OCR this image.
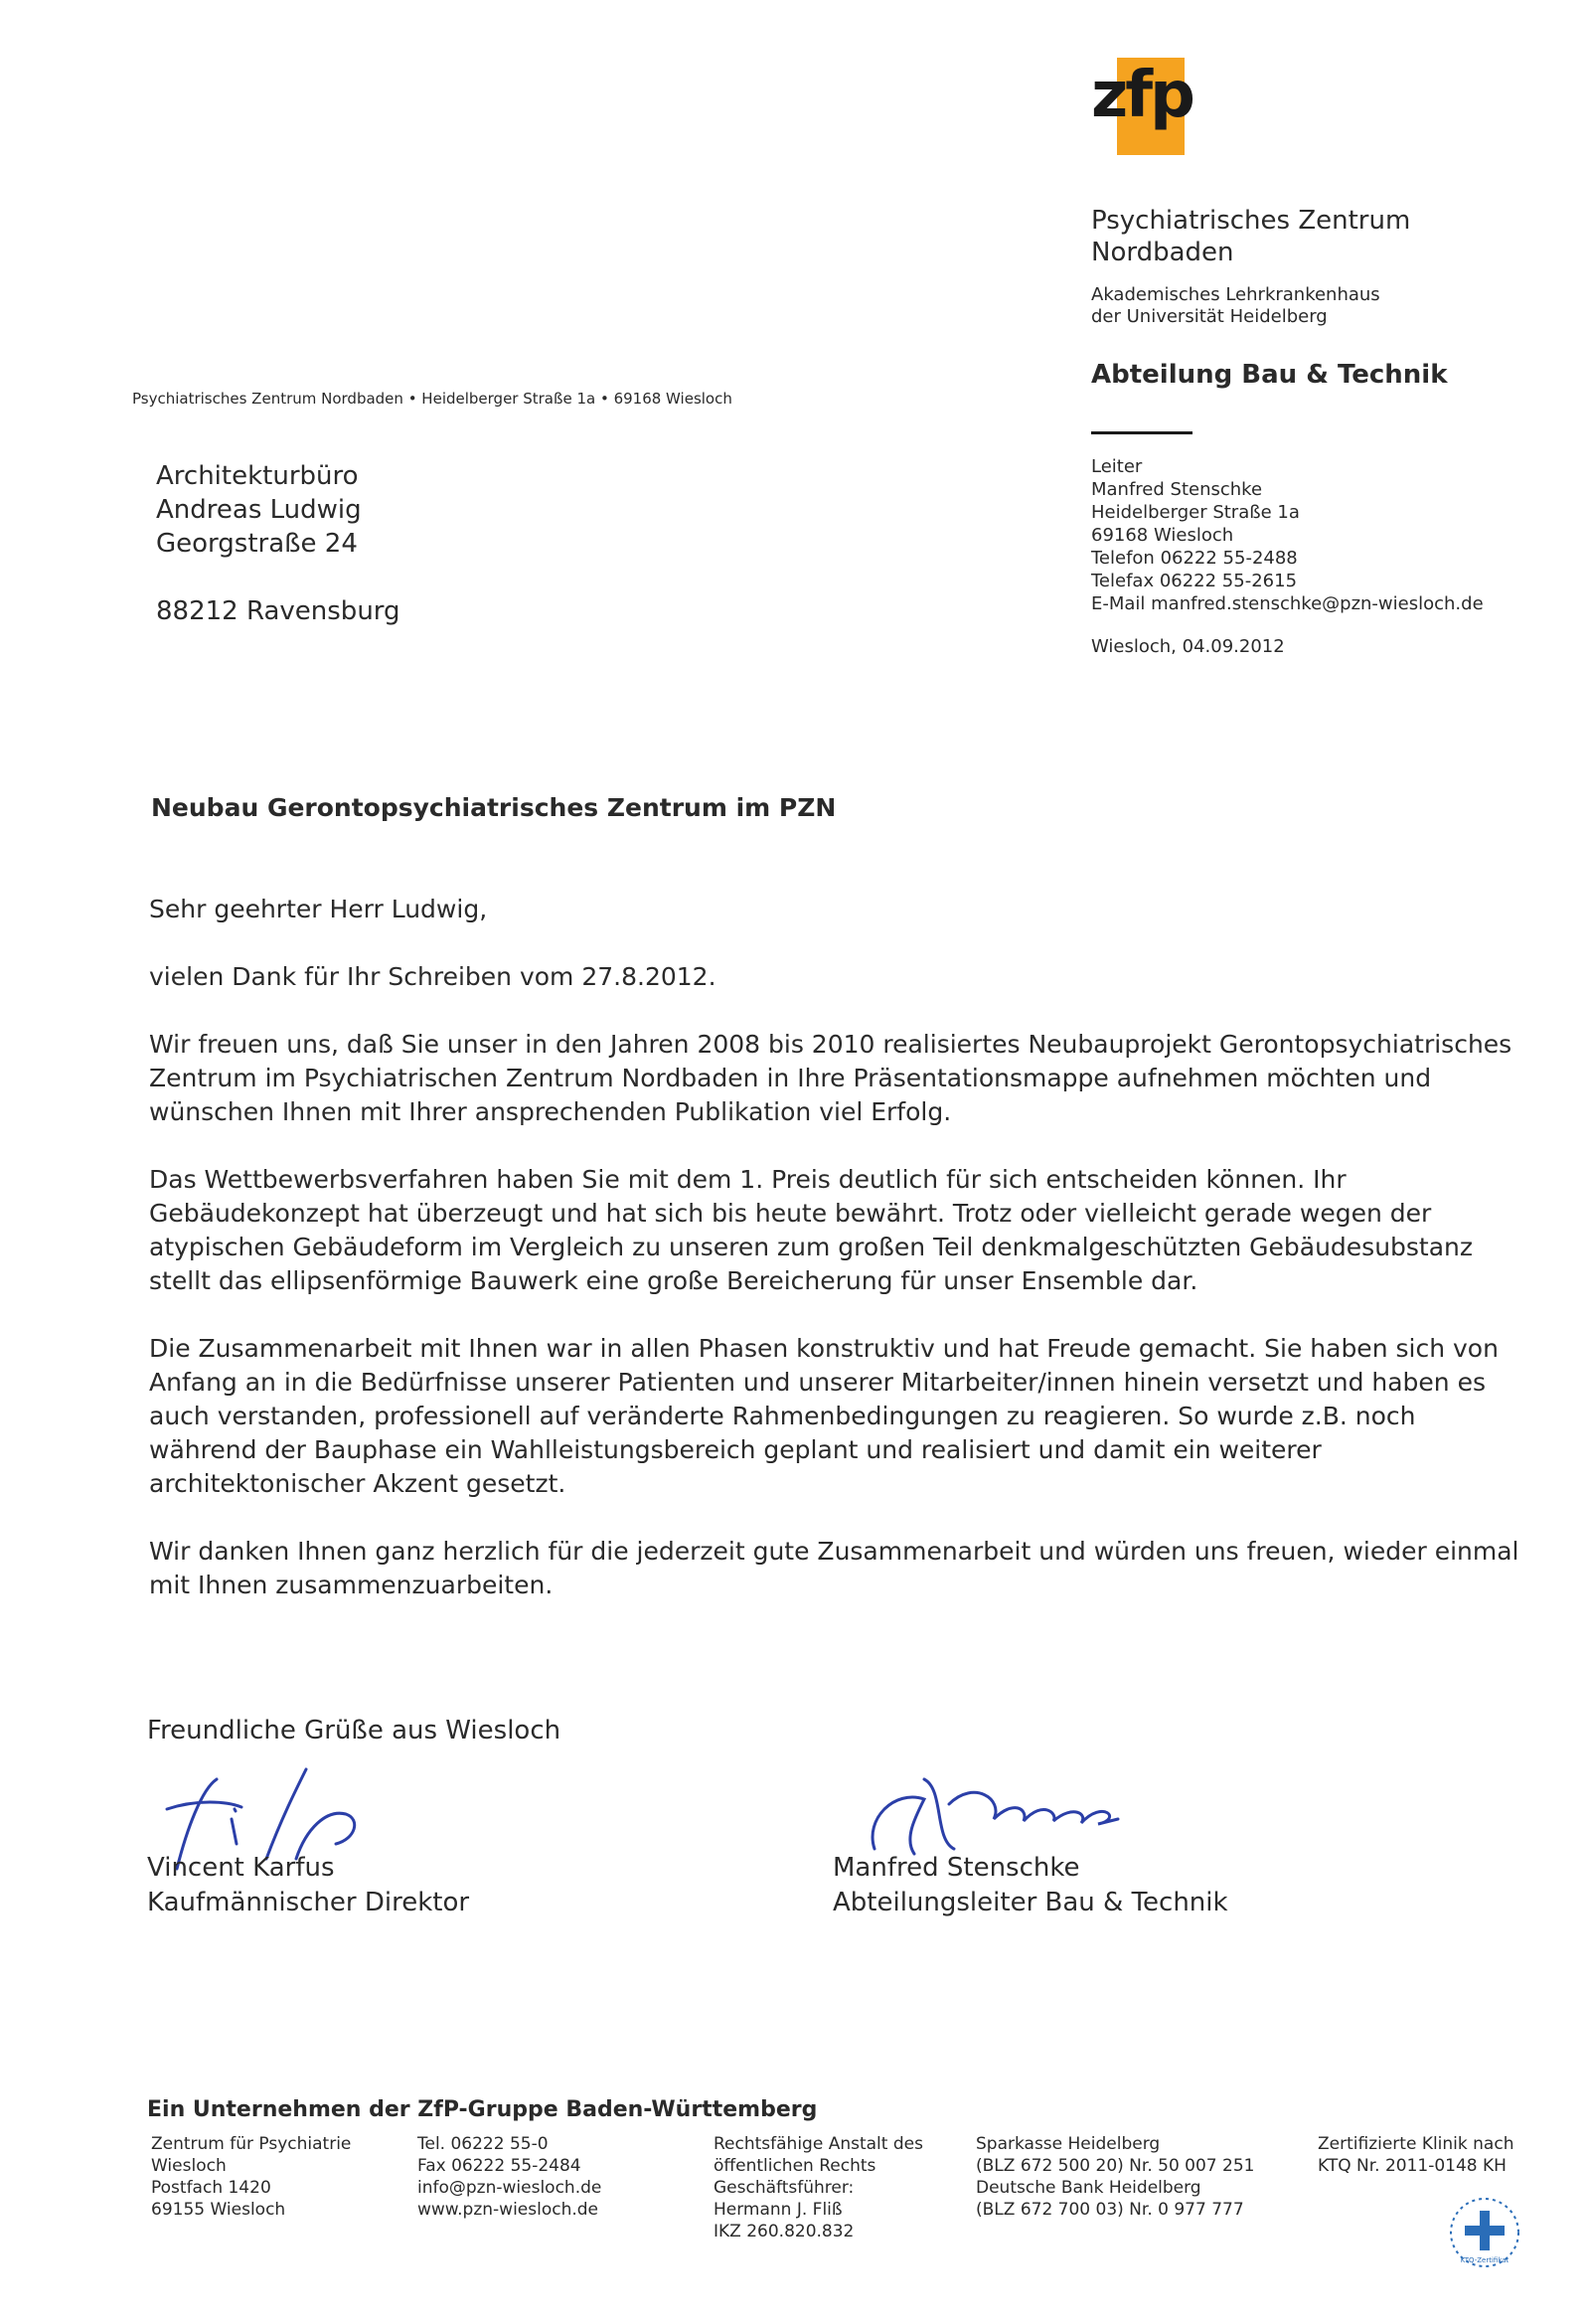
zfp
Psychiatrisches Zentrum
Nordbaden
Akademisches Lehrkrankenhaus
der Universität Heidelberg
Abteilung Bau & Technik
Leiter
Manfred Stenschke
Heidelberger Straße 1a
69168 Wiesloch
Telefon 06222 55-2488
Telefax 06222 55-2615
E-Mail manfred.stenschke@pzn-wiesloch.de
Wiesloch, 04.09.2012
Psychiatrisches Zentrum Nordbaden • Heidelberger Straße 1a • 69168 Wiesloch
Architekturbüro
Andreas Ludwig
Georgstraße 24
88212 Ravensburg
Neubau Gerontopsychiatrisches Zentrum im PZN

Sehr geehrter Herr Ludwig,

vielen Dank für Ihr Schreiben vom 27.8.2012.

Wir freuen uns, daß Sie unser in den Jahren 2008 bis 2010 realisiertes Neubauprojekt Gerontopsychiatrisches Zentrum im Psychiatrischen Zentrum Nordbaden in Ihre Präsentationsmappe aufnehmen möchten und wünschen Ihnen mit Ihrer ansprechenden Publikation viel Erfolg.

Das Wettbewerbsverfahren haben Sie mit dem 1. Preis deutlich für sich entscheiden können. Ihr Gebäudekonzept hat überzeugt und hat sich bis heute bewährt. Trotz oder vielleicht gerade wegen der atypischen Gebäudeform im Vergleich zu unseren zum großen Teil denkmalgeschützten Gebäudesubstanz stellt das ellipsenförmige Bauwerk eine große Bereicherung für unser Ensemble dar.

Die Zusammenarbeit mit Ihnen war in allen Phasen konstruktiv und hat Freude gemacht. Sie haben sich von Anfang an in die Bedürfnisse unserer Patienten und unserer Mitarbeiter/innen hinein versetzt und haben es auch verstanden, professionell auf veränderte Rahmenbedingungen zu reagieren. So wurde z.B. noch während der Bauphase ein Wahlleistungsbereich geplant und realisiert und damit ein weiterer architektonischer Akzent gesetzt.

Wir danken Ihnen ganz herzlich für die jederzeit gute Zusammenarbeit und würden uns freuen, wieder einmal mit Ihnen zusammenzuarbeiten.

Freundliche Grüße aus Wiesloch
Vincent Karfus
Kaufmännischer Direktor
Manfred Stenschke
Abteilungsleiter Bau & Technik
Ein Unternehmen der ZfP-Gruppe Baden-Württemberg
Zentrum für Psychiatrie
Wiesloch
Postfach 1420
69155 Wiesloch
Tel. 06222 55-0
Fax 06222 55-2484
info@pzn-wiesloch.de
www.pzn-wiesloch.de
Rechtsfähige Anstalt des
öffentlichen Rechts
Geschäftsführer:
Hermann J. Fliß
IKZ 260.820.832
Sparkasse Heidelberg
(BLZ 672 500 20) Nr. 50 007 251
Deutsche Bank Heidelberg
(BLZ 672 700 03) Nr. 0 977 777
Zertifizierte Klinik nach
KTQ Nr. 2011-0148 KH
KTQ-Zertifikat
